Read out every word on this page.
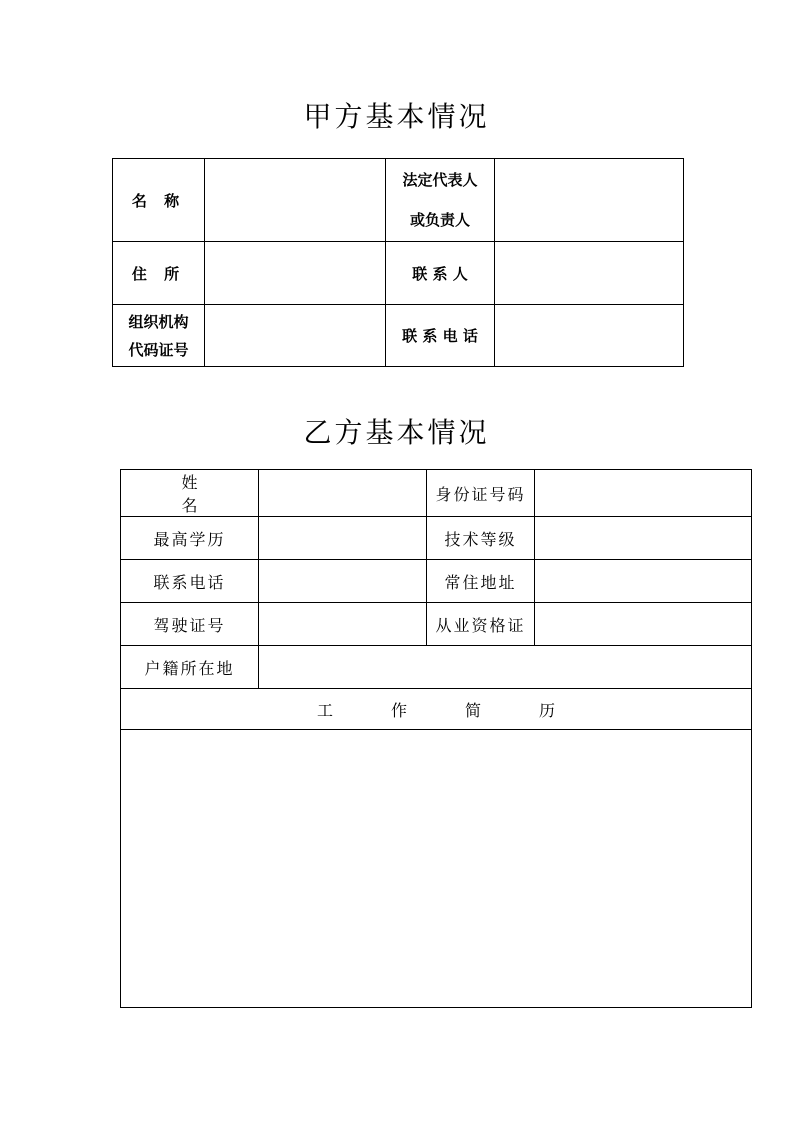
甲方基本情况
名 称		法定代表人
或负责人	

住 所		联 系 人	

组织机构
代码证号		联 系 电 话	
乙方基本情况
姓 名		身份证号码	
最高学历		技术等级	
联系电话		常住地址	
驾驶证号		从业资格证	
户籍所在地			
工作简历			
